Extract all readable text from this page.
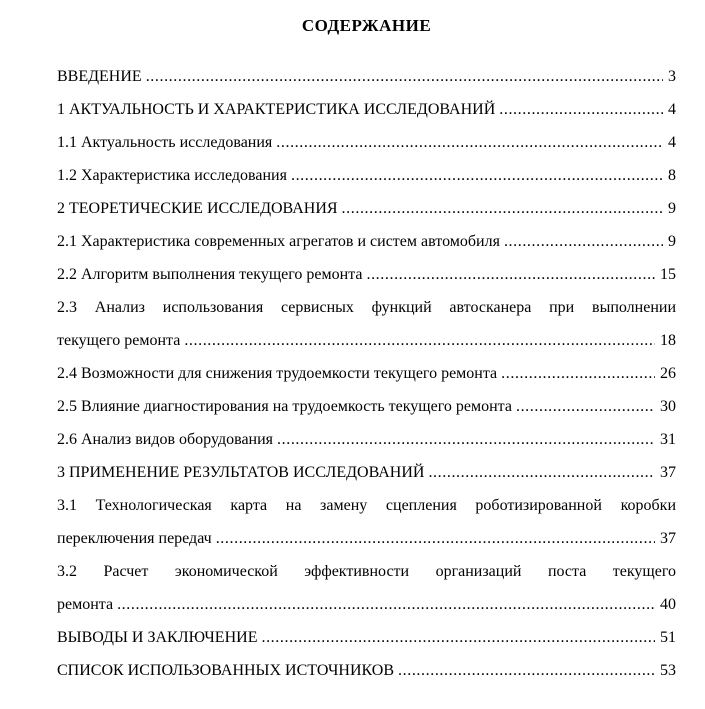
СОДЕРЖАНИЕ
ВВЕДЕНИЕ .....	3
1 АКТУАЛЬНОСТЬ И ХАРАКТЕРИСТИКА ИССЛЕДОВАНИЙ .....	4
1.1 Актуальность исследования .....	4
1.2 Характеристика исследования .....	8
2 ТЕОРЕТИЧЕСКИЕ ИССЛЕДОВАНИЯ .....	9
2.1 Характеристика современных агрегатов и систем автомобиля .....	9
2.2 Алгоритм выполнения текущего ремонта .....	15
2.3 Анализ использования сервисных функций автосканера при выполнении
текущего ремонта .....	18
2.4 Возможности для снижения трудоемкости текущего ремонта .....	26
2.5 Влияние диагностирования на трудоемкость текущего ремонта .....	30
2.6 Анализ видов оборудования .....	31
3 ПРИМЕНЕНИЕ РЕЗУЛЬТАТОВ ИССЛЕДОВАНИЙ .....	37
3.1 Технологическая карта на замену сцепления роботизированной коробки
переключения передач .....	37
3.2 Расчет экономической эффективности организаций поста текущего
ремонта .....	40
ВЫВОДЫ И ЗАКЛЮЧЕНИЕ .....	51
СПИСОК ИСПОЛЬЗОВАННЫХ ИСТОЧНИКОВ .....	53
